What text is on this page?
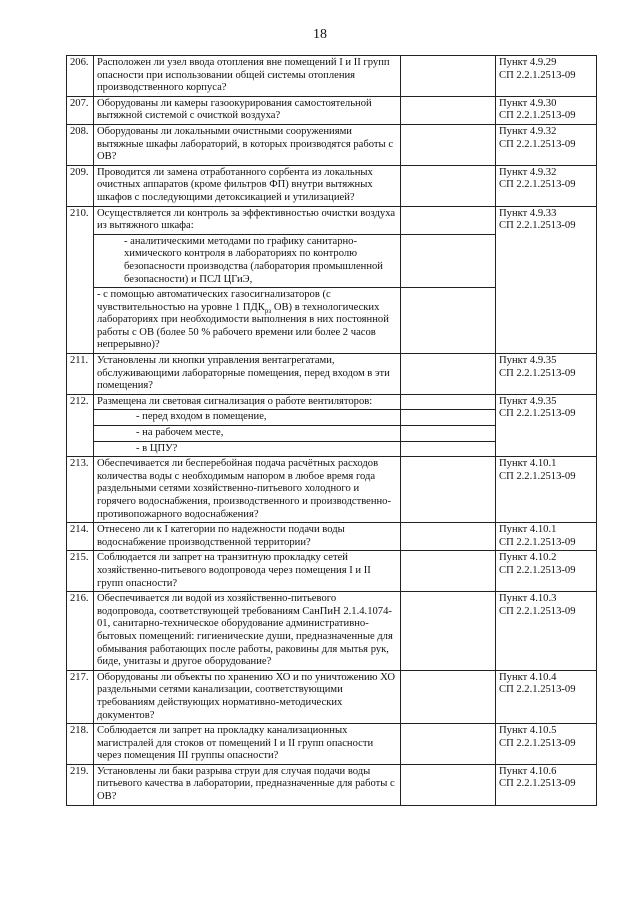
18
206.	Расположен ли узел ввода отопления вне помещений I и II групп опасности при использовании общей системы отопления производственного корпуса?		Пункт 4.9.29
СП 2.2.1.2513-09

207.	Оборудованы ли камеры газоокурирования самостоятельной вытяжной системой с очисткой воздуха?		Пункт 4.9.30
СП 2.2.1.2513-09

208.	Оборудованы ли локальными очистными сооружениями вытяжные шкафы лабораторий, в которых производятся работы с ОВ?		Пункт 4.9.32
СП 2.2.1.2513-09

209.	Проводится ли замена отработанного сорбента из локальных очистных аппаратов (кроме фильтров ФП) внутри вытяжных шкафов с последующими детоксикацией и утилизацией?		Пункт 4.9.32
СП 2.2.1.2513-09

210.	Осуществляется ли контроль за эффективностью очистки воздуха из вытяжного шкафа:		Пункт 4.9.33
СП 2.2.1.2513-09

	- аналитическими методами по графику санитарно-химического контроля в лабораториях по контролю безопасности производства (лаборатория промышленной безопасности) и ПСЛ ЦГиЭ,		
	- с помощью автоматических газосигнализаторов (с чувствительностью на уровне 1 $ПДК_{рз}$ ОВ) в технологических лабораториях при необходимости выполнения в них постоянной работы с ОВ (более 50 % рабочего времени или более 2 часов непрерывно)?		
211.	Установлены ли кнопки управления вентагрегатами, обслуживающими лабораторные помещения, перед входом в эти помещения?		Пункт 4.9.35
СП 2.2.1.2513-09

212.	Размещена ли световая сигнализация о работе вентиляторов:		Пункт 4.9.35
СП 2.2.1.2513-09

	- перед входом в помещение,		
	- на рабочем месте,		
	- в ЦПУ?		
213.	Обеспечивается ли бесперебойная подача расчётных расходов количества воды с необходимым напором в любое время года раздельными сетями хозяйственно-питьевого холодного и горячего водоснабжения, производственного и производственно-противопожарного водоснабжения?		Пункт 4.10.1
СП 2.2.1.2513-09

214.	Отнесено ли к I категории по надежности подачи воды водоснабжение производственной территории?		Пункт 4.10.1
СП 2.2.1.2513-09

215.	Соблюдается ли запрет на транзитную прокладку сетей хозяйственно-питьевого водопровода через помещения I и II групп опасности?		Пункт 4.10.2
СП 2.2.1.2513-09

216.	Обеспечивается ли водой из хозяйственно-питьевого водопровода, соответствующей требованиям СанПиН 2.1.4.1074-01, санитарно-техническое оборудование административно-бытовых помещений: гигиенические души, предназначенные для обмывания работающих после работы, раковины для мытья рук, биде, унитазы и другое оборудование?		Пункт 4.10.3
СП 2.2.1.2513-09

217.	Оборудованы ли объекты по хранению ХО и по уничтожению ХО раздельными сетями канализации, соответствующими требованиям действующих нормативно-методических документов?		Пункт 4.10.4
СП 2.2.1.2513-09

218.	Соблюдается ли запрет на прокладку канализационных магистралей для стоков от помещений I и II групп опасности через помещения III группы опасности?		Пункт 4.10.5
СП 2.2.1.2513-09

219.	Установлены ли баки разрыва струи для случая подачи воды питьевого качества в лаборатории, предназначенные для работы с ОВ?		Пункт 4.10.6
СП 2.2.1.2513-09
